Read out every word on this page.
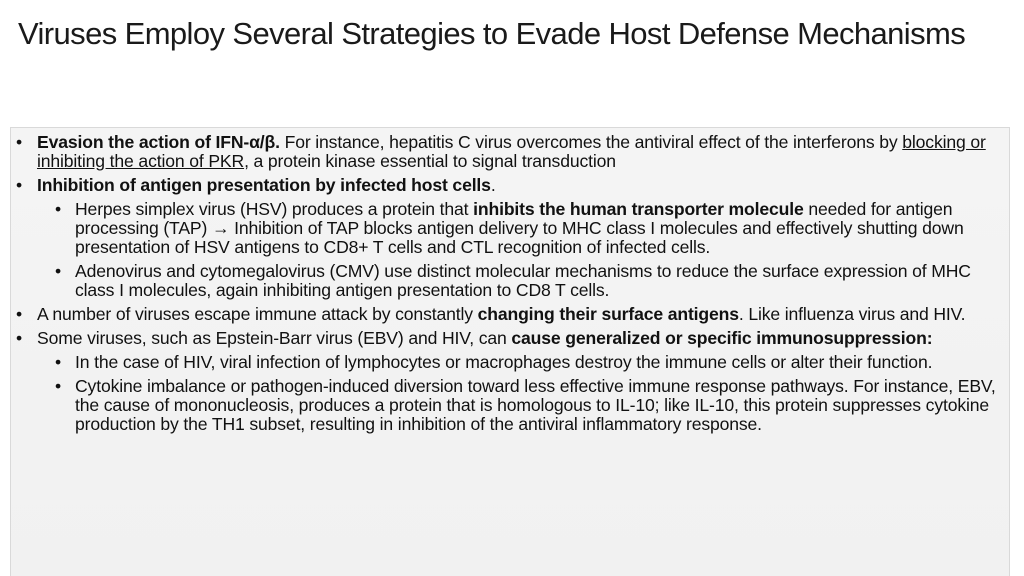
Viruses Employ Several Strategies to Evade Host Defense Mechanisms
• Evasion the action of IFN-α/β. For instance, hepatitis C virus overcomes the antiviral effect of the interferons by blocking or inhibiting the action of PKR, a protein kinase essential to signal transduction
• Inhibition of antigen presentation by infected host cells.
• Herpes simplex virus (HSV) produces a protein that inhibits the human transporter molecule needed for antigen processing (TAP) → Inhibition of TAP blocks antigen delivery to MHC class I molecules and effectively shutting down presentation of HSV antigens to CD8+ T cells and CTL recognition of infected cells.
• Adenovirus and cytomegalovirus (CMV) use distinct molecular mechanisms to reduce the surface expression of MHC class I molecules, again inhibiting antigen presentation to CD8 T cells.
• A number of viruses escape immune attack by constantly changing their surface antigens. Like influenza virus and HIV.
• Some viruses, such as Epstein-Barr virus (EBV) and HIV, can cause generalized or specific immunosuppression:
• In the case of HIV, viral infection of lymphocytes or macrophages destroy the immune cells or alter their function.
• Cytokine imbalance or pathogen-induced diversion toward less effective immune response pathways. For instance, EBV, the cause of mononucleosis, produces a protein that is homologous to IL-10; like IL-10, this protein suppresses cytokine production by the TH1 subset, resulting in inhibition of the antiviral inflammatory response.
